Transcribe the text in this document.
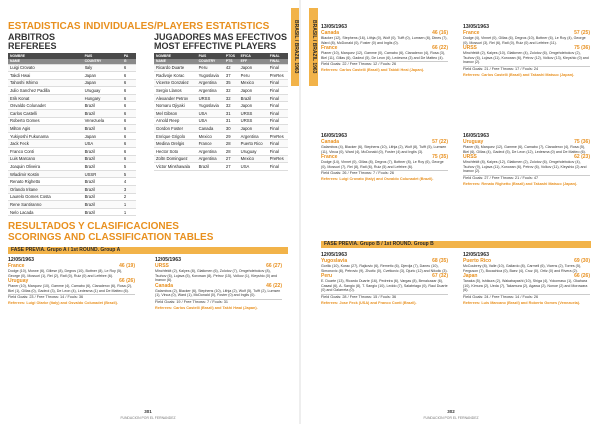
ESTADISTICAS INDIVIDUALES/PLAYERS ESTATISTICS
ARBITROS
REFEREES
NOMBRE	PAIS	PA
NAME	COUNTRY	G
Luigi Crovato	Italy	6
Takdi Hwai	Japan	6
Tahoshi Ishimo	Japan	6
Julio Sanchez Padilla	Uruguay	6
Erik Konat	Hungary	6
Osvaldo Colunadet	Brazil	6
Carlos Castelli	Brazil	6
Roberto Gomes	Venezuela	6
Milton Agis	Brazil	6
Yukiyoshi Fukunama	Japan	6
Jack Feck	USA	6
Franco Conti	Brazil	6
Luis Marcano	Brazil	6
Joaquin Oliveira	Brazil	5
Wladimir Kostin	USSR	5
Renato Righetto	Brazil	4
Orlando Iritane	Brazil	3
Laurelo Gomes Costa	Brazil	2
Rene Santiranno	Brazil	1
Nelo Lacada	Brazil	1
JUGADORES MAS EFECTIVOS
MOST EFFECTIVE PLAYERS
NOMBRE	PAIS	PTOS	EFICA	FINAL
NAME	COUNTRY	PTS	EFF	FINAL
Ricardo Duarte	Peru	42	Japon	Final
Radivoje Korac	Yugoslavia	37	Peru	PreRes
Vicente Gonzalez	Argentina	35	Mexico	Final
Sergio Llanos	Argentina	32	Japon	Final
Alexander Petrov	URSS	32	Brazil	Final
Nomaru Ojiyaki	Yugoslavia	32	Japon	Final
Mel Gibson	USA	31	URSS	Final
Arnold Reep	USA	31	URSS	Final
Gordon Foster	Canada	30	Japon	Final
Enrique Grigolo	Mexico	29	Argentina	PreRes
Medina Orelgis	France	28	Puerto Rico	Final
Hector Soto	Argentina	28	Uruguay	Final
Zoltn Dominguez	Argentina	27	Mexico	PreRes
Victor Minshawala	Brazil	27	USA	Final
RESULTADOS Y CLASIFICACIONES
SCORINGS AND CLASSIFICATION TABLES
FASE PREVIA. Grupo A / 1st ROUND. Group A
12/05/1963
France	46 (19)
Dodge (10), Morwe (6), Gillese (8), Degros (10), Bottner (8), Le Roy (5), George (0), Mossuri (1), Rei (2), Ratl (0), Ruiz (0) and Lefebre (6).
Uruguay	66 (26)
Planer (10), Marquez (10), Gamme (4), Camabo (6), Claraderox (6), Rosa (2), Biel (1), Gillas (0), Gadeol (3), De Leon (4), Ledesma (1) and De Matteo (6).
Field Goals: 23 / Free Throws: 14 / Fouls: 36
Referees: Luigi Olarke (Italy) and Osvaldo Colunadet (Brazil).
12/05/1963
URSS	66 (27)
Minchfeldt (2), Kalyes (8), Glatkmen (6), Zolotov (7), Omgehdebokov (8), Tsuhov (6), Lojava (5), Korowan (8), Petrov (15), Volkov (1), Kleyshio (0) and Inanov (6).
Canada	46 (22)
Galambos (2), Blacker (6), Stephens (10), Lithja (2), Wolf (5), Tufft (2), Lumsen (1), Vinca (0), Ward (1), McDonald (0), Foster (0) and Inglis (0).
Field Goals: 19 / Free Throws: 7 / Fouls: 31
Referees: Carlos Castelli (Brazil) and Takhi Hwai (Japan).
301
FUNDACION POR EL FERNANDEZ
BRASIL / BRAZIL 1963	BRASIL / BRAZIL 1963 13/05/1963
Canada	46 (16)
Blacker (12), Stephens (16), Lithja (0), Wolf (0), Tufft (0), Lumsen (8), Dines (7), Ward (8), McDonald (0), Foster (0) and Inglis (0).
France	66 (22)
Planer (10), Marquez (12), Gamme (0), Camabo (6), Claraderox (4), Rosa (3), Biel (11), Gillas (6), Gadeol (5), De Leon (6), Ledesma (3) and De Matteo (4).
Field Goals: 22 / Free Throws: 12 / Fouls: 26
Referees: Carlos Castelli (Brazil) and Tabidi Heai (Japan).
13/05/1963
France	57 (25)
Dodge (4), Vinnet (0), Gillas (6), Degros (10), Bottner (6), Le Roy (4), George (0), Mossuri (3), Rei (6), Ratl (0), Ruiz (0) and Lefebre (11).
URSS	75 (36)
Minchfeldt (2), Kalyes (10), Glatkmen (4), Zolotov (6), Omgehdebokov (2), Tsuhov (6), Lojava (11), Korowan (6), Petrov (12), Volkov (13), Kleyshio (0) and Inanov (2).
Field Goals: 21 / Free Throws: 17 / Fouls: 24
Referees: Carlos Castelli (Brazil) and Takashi Matsuo (Japan).
16/05/1963
Canada	57 (22)
Galambos (4), Blacker (6), Stephens (10), Lithja (2), Wolf (8), Tufft (5), Lumsen (11), Vinca (0), Ward (4), McDonald (0), Foster (4) and Inglis (3).
France	75 (35)
Dodge (14), Vinnet (0), Gillas (8), Degros (7), Bottner (8), Le Roy (6), George (0), Mossuri (7), Rei (8), Ratl (6), Ruiz (5) and Lefebre (6).
Field Goals: 26 / Free Throws: 7 / Fouls: 26
Referees: Luigi Crovato (Italy) and Osvaldo Colunadet (Brazil).
16/05/1963
Uruguay	75 (36)
Planer (8), Marquez (12), Gamme (6), Camabo (7), Claraderox (4), Rosa (5), Biel (6), Gillas (4), Gadeol (5), De Leon (12), Ledesma (0) and De Matteo (6).
URSS	62 (23)
Minchfeldt (8), Kalyes (12), Glatkmen (2), Zolotov (6), Omgehdebokov (4), Tsuhov (9), Lojava (11), Korowan (6), Petrov (6), Volkov (11), Kleyshio (2) and Inanov (2).
Field Goals: 27 / Free Throws: 21 / Fouls: 47
Referees: Renato Righetto (Brazil) and Takashi Matsuo (Japan).
FASE PREVIA. Grupo B / 1st ROUND. Group B
12/05/1963
Yugoslavia	68 (35)
Gorilic (10), Korac (27), Rajkovic (6), Remetic (6), Djerdja (7), Daneu (10), Simonovic (8), Petrovic (9), Zivotic (0), Cvetkovic (3), Djuric (12) and Nikolic (3).
Peru	67 (32)
E. Duarte (13), Ricardo Duarte (16), Pedreira (6), Vargas (8), Benalcazar (6), Casasl (6), A. Sangio (8), T. Sangio (10), Leddo (7), Salabriago (0), Raul Duarte (0) and Galarreta (0).
Field Goals: 28 / Free Throws: 15 / Fouls: 36
Referees: Jose Feck (USA) and Franco Conti (Brazil).
12/05/1963
Puerto Rico	69 (30)
McCoubrey (8), Valle (10), Gallardo (8), Carmell (6), Vicens (2), Torres (5), Ferguson (7), Bocachica (0), Baez (4), Cruz (0), Ortiz (0) and Rivera (2).
Japan	66 (26)
Tanaka (5), Ishikura (2), Wakabayashi (10), Shiga (4), Yokomasu (1), Okahara (10), Kimura (2), Ueda (7), Takamura (2), Agawa (2), Nonoe (2) and Morowara (6).
Field Goals: 24 / Free Throws: 14 / Fouls: 26
Referees: Luis Marcano (Brazil) and Roberto Gomes (Venezuela).
302
FUNDACION POR EL FERNANDEZ
